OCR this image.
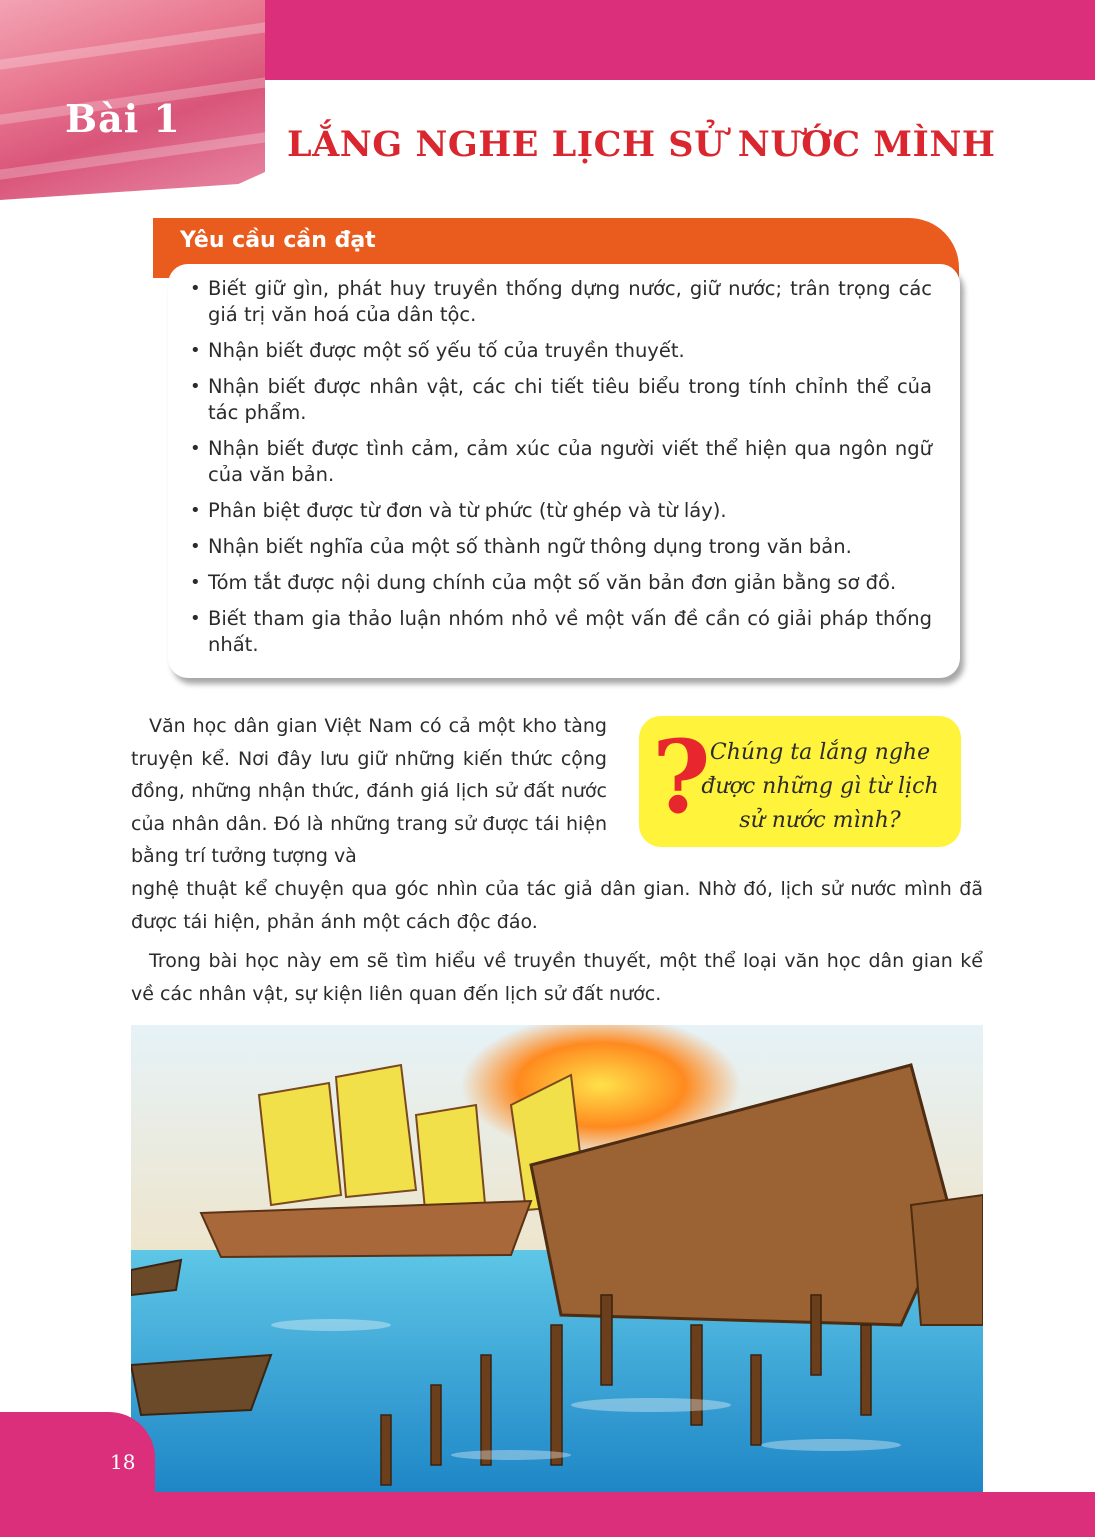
Bài 1
LẮNG NGHE LỊCH SỬ NƯỚC MÌNH
Yêu cầu cần đạt
• Biết giữ gìn, phát huy truyền thống dựng nước, giữ nước; trân trọng các giá trị văn hoá của dân tộc.
• Nhận biết được một số yếu tố của truyền thuyết.
• Nhận biết được nhân vật, các chi tiết tiêu biểu trong tính chỉnh thể của tác phẩm.
• Nhận biết được tình cảm, cảm xúc của người viết thể hiện qua ngôn ngữ của văn bản.
• Phân biệt được từ đơn và từ phức (từ ghép và từ láy).
• Nhận biết nghĩa của một số thành ngữ thông dụng trong văn bản.
• Tóm tắt được nội dung chính của một số văn bản đơn giản bằng sơ đồ.
• Biết tham gia thảo luận nhóm nhỏ về một vấn đề cần có giải pháp thống nhất.
Văn học dân gian Việt Nam có cả một kho tàng truyện kể. Nơi đây lưu giữ những kiến thức cộng đồng, những nhận thức, đánh giá lịch sử đất nước của nhân dân. Đó là những trang sử được tái hiện bằng trí tưởng tượng và
nghệ thuật kể chuyện qua góc nhìn của tác giả dân gian. Nhờ đó, lịch sử nước mình đã được tái hiện, phản ánh một cách độc đáo.
Trong bài học này em sẽ tìm hiểu về truyền thuyết, một thể loại văn học dân gian kể về các nhân vật, sự kiện liên quan đến lịch sử đất nước.
? Chúng ta lắng nghe được những gì từ lịch sử nước mình?
18
